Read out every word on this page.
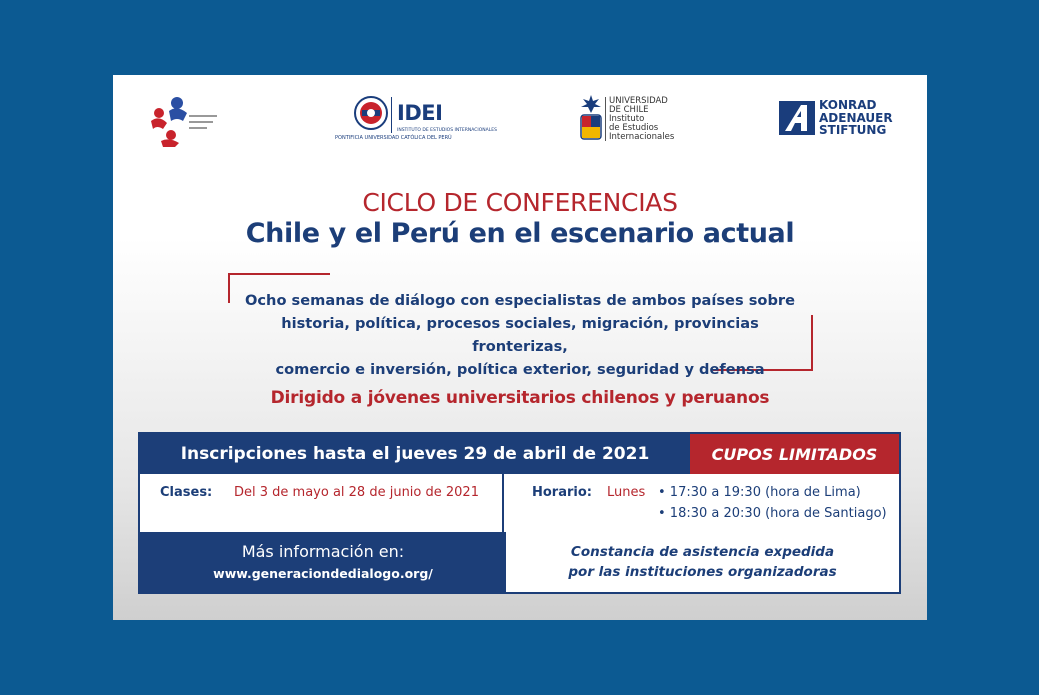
IDEI
INSTITUTO DE ESTUDIOS INTERNACIONALES
PONTIFICIA UNIVERSIDAD CATÓLICA DEL PERÚ
UNIVERSIDAD
DE CHILE
Instituto
de Estudios
Internacionales
KONRAD
ADENAUER
STIFTUNG
CICLO DE CONFERENCIAS
Chile y el Perú en el escenario actual
Ocho semanas de diálogo con especialistas de ambos países sobre
historia, política, procesos sociales, migración, provincias fronterizas,
comercio e inversión, política exterior, seguridad y defensa
Dirigido a jóvenes universitarios chilenos y peruanos
Inscripciones hasta el jueves 29 de abril de 2021	CUPOS LIMITADOS
Clases: Del 3 de mayo al 28 de junio de 2021	Horario: Lunes • 17:30 a 19:30 (hora de Lima)
• 18:30 a 20:30 (hora de Santiago)
Más información en:
www.generaciondedialogo.org/
Constancia de asistencia expedida
por las instituciones organizadoras
